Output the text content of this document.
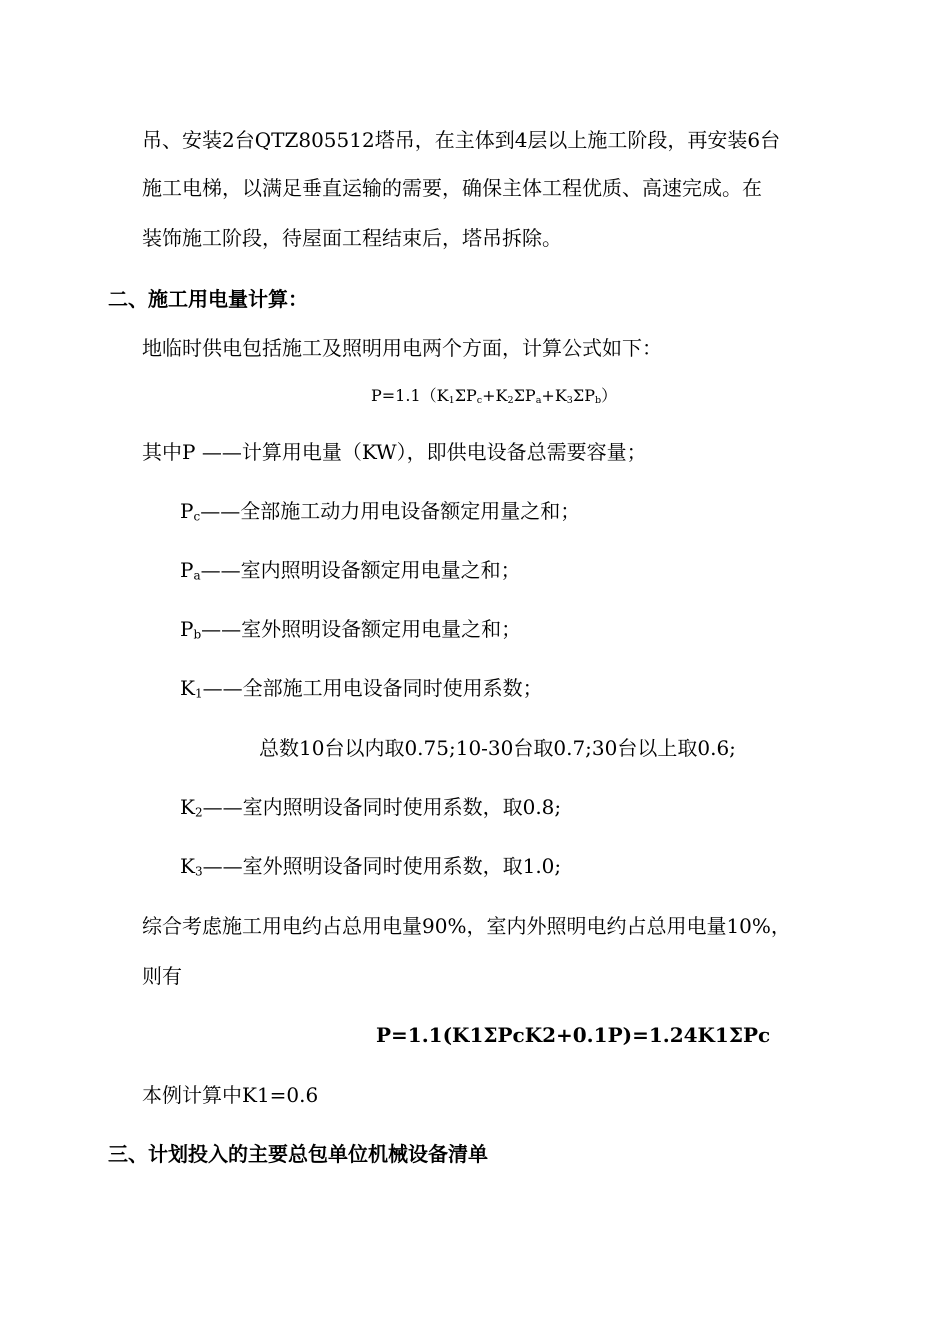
吊、安装2台QTZ805512塔吊，在主体到4层以上施工阶段，再安装6台
施工电梯，以满足垂直运输的需要，确保主体工程优质、高速完成。在
装饰施工阶段，待屋面工程结束后，塔吊拆除。
二、施工用电量计算：
地临时供电包括施工及照明用电两个方面，计算公式如下：
$P=1.1(K_1\Sigma P_c+K_2\Sigma P_a+K_3\Sigma P_b)$
其中P ——计算用电量（KW），即供电设备总需要容量；
$P_c——$全部施工动力用电设备额定用量之和；
$P_a——$室内照明设备额定用电量之和；
$P_b——$室外照明设备额定用电量之和；
$K_1——$全部施工用电设备同时使用系数；
总数10台以内取0.75;10-30台取0.7;30台以上取0.6;
$K_2——$室内照明设备同时使用系数，取0.8;
$K_3——$室外照明设备同时使用系数，取1.0;
综合考虑施工用电约占总用电量90%，室内外照明电约占总用电量10%，
则有
P=1.1(K1ΣPcK2+0.1P)=1.24K1ΣPc
本例计算中K1=0.6
三、计划投入的主要总包单位机械设备清单
